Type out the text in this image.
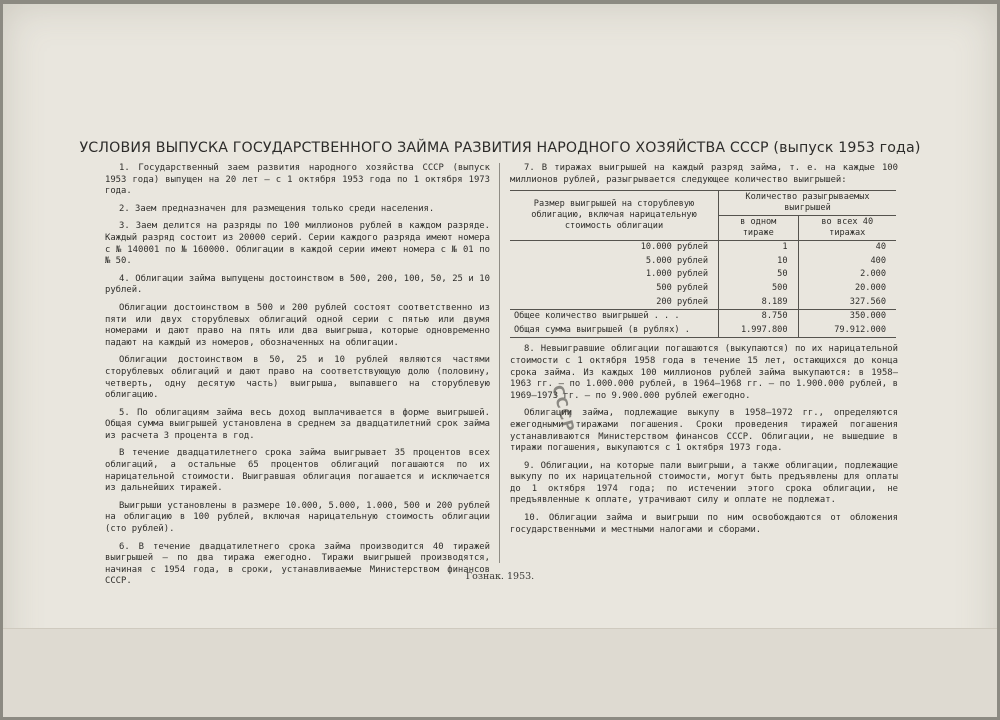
УСЛОВИЯ ВЫПУСКА ГОСУДАРСТВЕННОГО ЗАЙМА РАЗВИТИЯ НАРОДНОГО ХОЗЯЙСТВА СССР (выпуск 1953 года)

1. Государственный заем развития народного хозяйства СССР (выпуск 1953 года) выпущен на 20 лет — с 1 октября 1953 года по 1 октября 1973 года.

2. Заем предназначен для размещения только среди населения.

3. Заем делится на разряды по 100 миллионов рублей в каждом разряде. Каждый разряд состоит из 20000 серий. Серии каждого разряда имеют номера с № 140001 по № 160000. Облигации в каждой серии имеют номера с № 01 по № 50.

4. Облигации займа выпущены достоинством в 500, 200, 100, 50, 25 и 10 рублей.

Облигации достоинством в 500 и 200 рублей состоят соответственно из пяти или двух сторублевых облигаций одной серии с пятью или двумя номерами и дают право на пять или два выигрыша, которые одновременно падают на каждый из номеров, обозначенных на облигации.

Облигации достоинством в 50, 25 и 10 рублей являются частями сторублевых облигаций и дают право на соответствующую долю (половину, четверть, одну десятую часть) выигрыша, выпавшего на сторублевую облигацию.

5. По облигациям займа весь доход выплачивается в форме выигрышей. Общая сумма выигрышей установлена в среднем за двадцатилетний срок займа из расчета 3 процента в год.

В течение двадцатилетнего срока займа выигрывает 35 процентов всех облигаций, а остальные 65 процентов облигаций погашаются по их нарицательной стоимости. Выигравшая облигация погашается и исключается из дальнейших тиражей.

Выигрыши установлены в размере 10.000, 5.000, 1.000, 500 и 200 рублей на облигацию в 100 рублей, включая нарицательную стоимость облигации (сто рублей).

6. В течение двадцатилетнего срока займа производится 40 тиражей выигрышей — по два тиража ежегодно. Тиражи выигрышей производятся, начиная с 1954 года, в сроки, устанавливаемые Министерством финансов СССР.

7. В тиражах выигрышей на каждый разряд займа, т. е. на каждые 100 миллионов рублей, разыгрывается следующее количество выигрышей:

Размер выигрышей на сторублевую облигацию, включая нарицательную стоимость облигации	Количество разыгрываемых выигрышей	
	в одном тираже	во всех 40 тиражах
10.000 рублей	1	40
5.000 рублей	10	400
1.000 рублей	50	2.000
500 рублей	500	20.000
200 рублей	8.189	327.560
Общее количество выигрышей . . .	8.750	350.000
Общая сумма выигрышей (в рублях) .	1.997.800	79.912.000

8. Невыигравшие облигации погашаются (выкупаются) по их нарицательной стоимости с 1 октября 1958 года в течение 15 лет, остающихся до конца срока займа. Из каждых 100 миллионов рублей займа выкупаются: в 1958—1963 гг. — по 1.000.000 рублей, в 1964—1968 гг. — по 1.900.000 рублей, в 1969—1973 гг. — по 9.900.000 рублей ежегодно.

Облигации займа, подлежащие выкупу в 1958—1972 гг., определяются ежегодными тиражами погашения. Сроки проведения тиражей погашения устанавливаются Министерством финансов СССР. Облигации, не вышедшие в тиражи погашения, выкупаются с 1 октября 1973 года.

9. Облигации, на которые пали выигрыши, а также облигации, подлежащие выкупу по их нарицательной стоимости, могут быть предъявлены для оплаты до 1 октября 1974 года; по истечении этого срока облигации, не предъявленные к оплате, утрачивают силу и оплате не подлежат.

10. Облигации займа и выигрыши по ним освобождаются от обложения государственными и местными налогами и сборами.

СССР
Гознак. 1953.
